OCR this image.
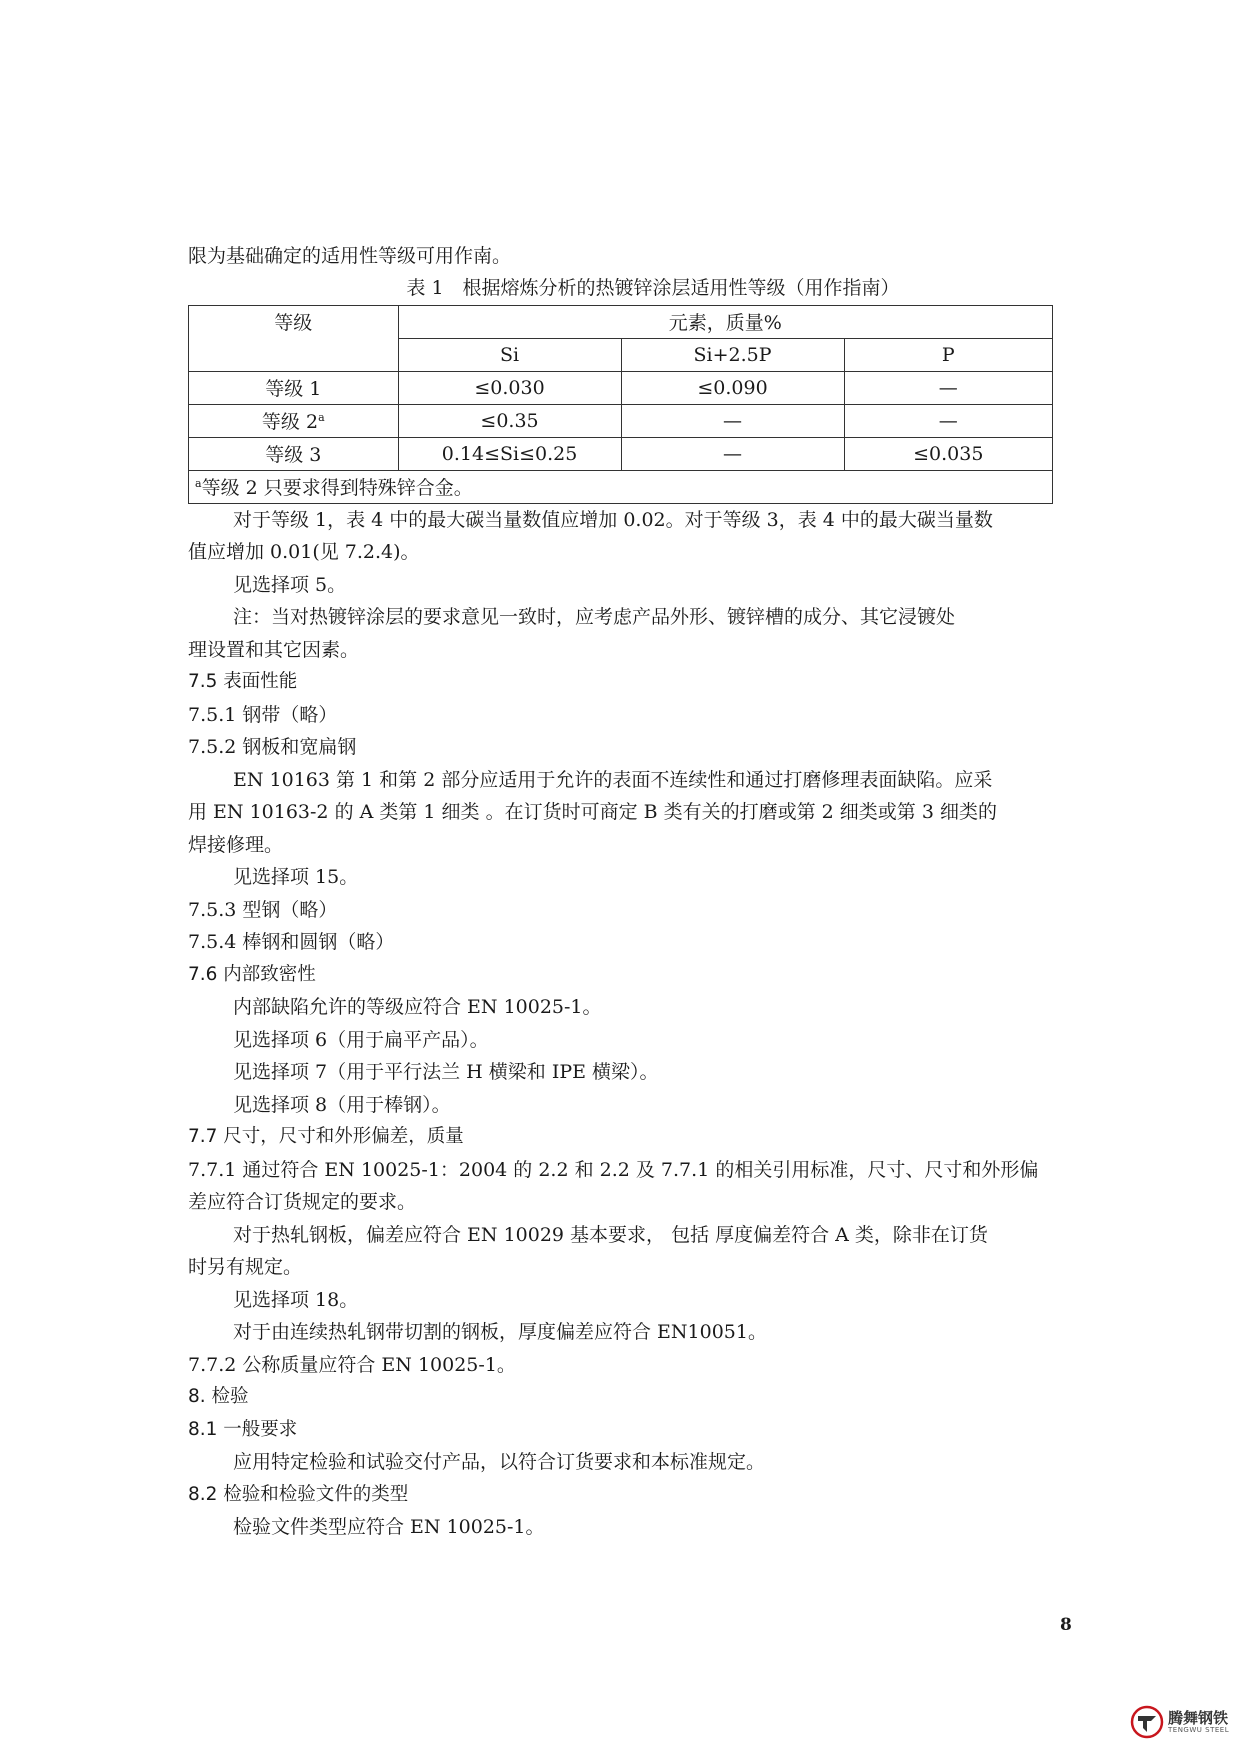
限为基础确定的适用性等级可用作南。
表 1　根据熔炼分析的热镀锌涂层适用性等级（用作指南）
等级	元素，质量%		
	Si	Si+2.5P	P
等级 1	≤0.030	≤0.090	—
等级 $2^a$	≤0.35	—	—
等级 3	0.14≤Si≤0.25	—	≤0.035
$^a$等级 2 只要求得到特殊锌合金。			
对于等级 1，表 4 中的最大碳当量数值应增加 0.02。对于等级 3，表 4 中的最大碳当量数
值应增加 0.01(见 7.2.4)。
见选择项 5。
注：当对热镀锌涂层的要求意见一致时，应考虑产品外形、镀锌槽的成分、其它浸镀处
理设置和其它因素。
7.5 表面性能
7.5.1 钢带（略）
7.5.2 钢板和宽扁钢
EN 10163 第 1 和第 2 部分应适用于允许的表面不连续性和通过打磨修理表面缺陷。应采
用 EN 10163-2 的 A 类第 1 细类 。在订货时可商定 B 类有关的打磨或第 2 细类或第 3 细类的
焊接修理。
见选择项 15。
7.5.3 型钢（略）
7.5.4 棒钢和圆钢（略）
7.6 内部致密性
内部缺陷允许的等级应符合 EN 10025-1。
见选择项 6（用于扁平产品）。
见选择项 7（用于平行法兰 H 横梁和 IPE 横梁）。
见选择项 8（用于棒钢）。
7.7 尺寸，尺寸和外形偏差，质量
7.7.1 通过符合 EN 10025-1：2004 的 2.2 和 2.2 及 7.7.1 的相关引用标准，尺寸、尺寸和外形偏
差应符合订货规定的要求。
对于热轧钢板，偏差应符合 EN 10029 基本要求， 包括 厚度偏差符合 A 类，除非在订货
时另有规定。
见选择项 18。
对于由连续热轧钢带切割的钢板，厚度偏差应符合 EN10051。
7.7.2 公称质量应符合 EN 10025-1。
8. 检验
8.1 一般要求
应用特定检验和试验交付产品，以符合订货要求和本标准规定。
8.2 检验和检验文件的类型
检验文件类型应符合 EN 10025-1。
8
腾舞钢铁
TENGWU STEEL
